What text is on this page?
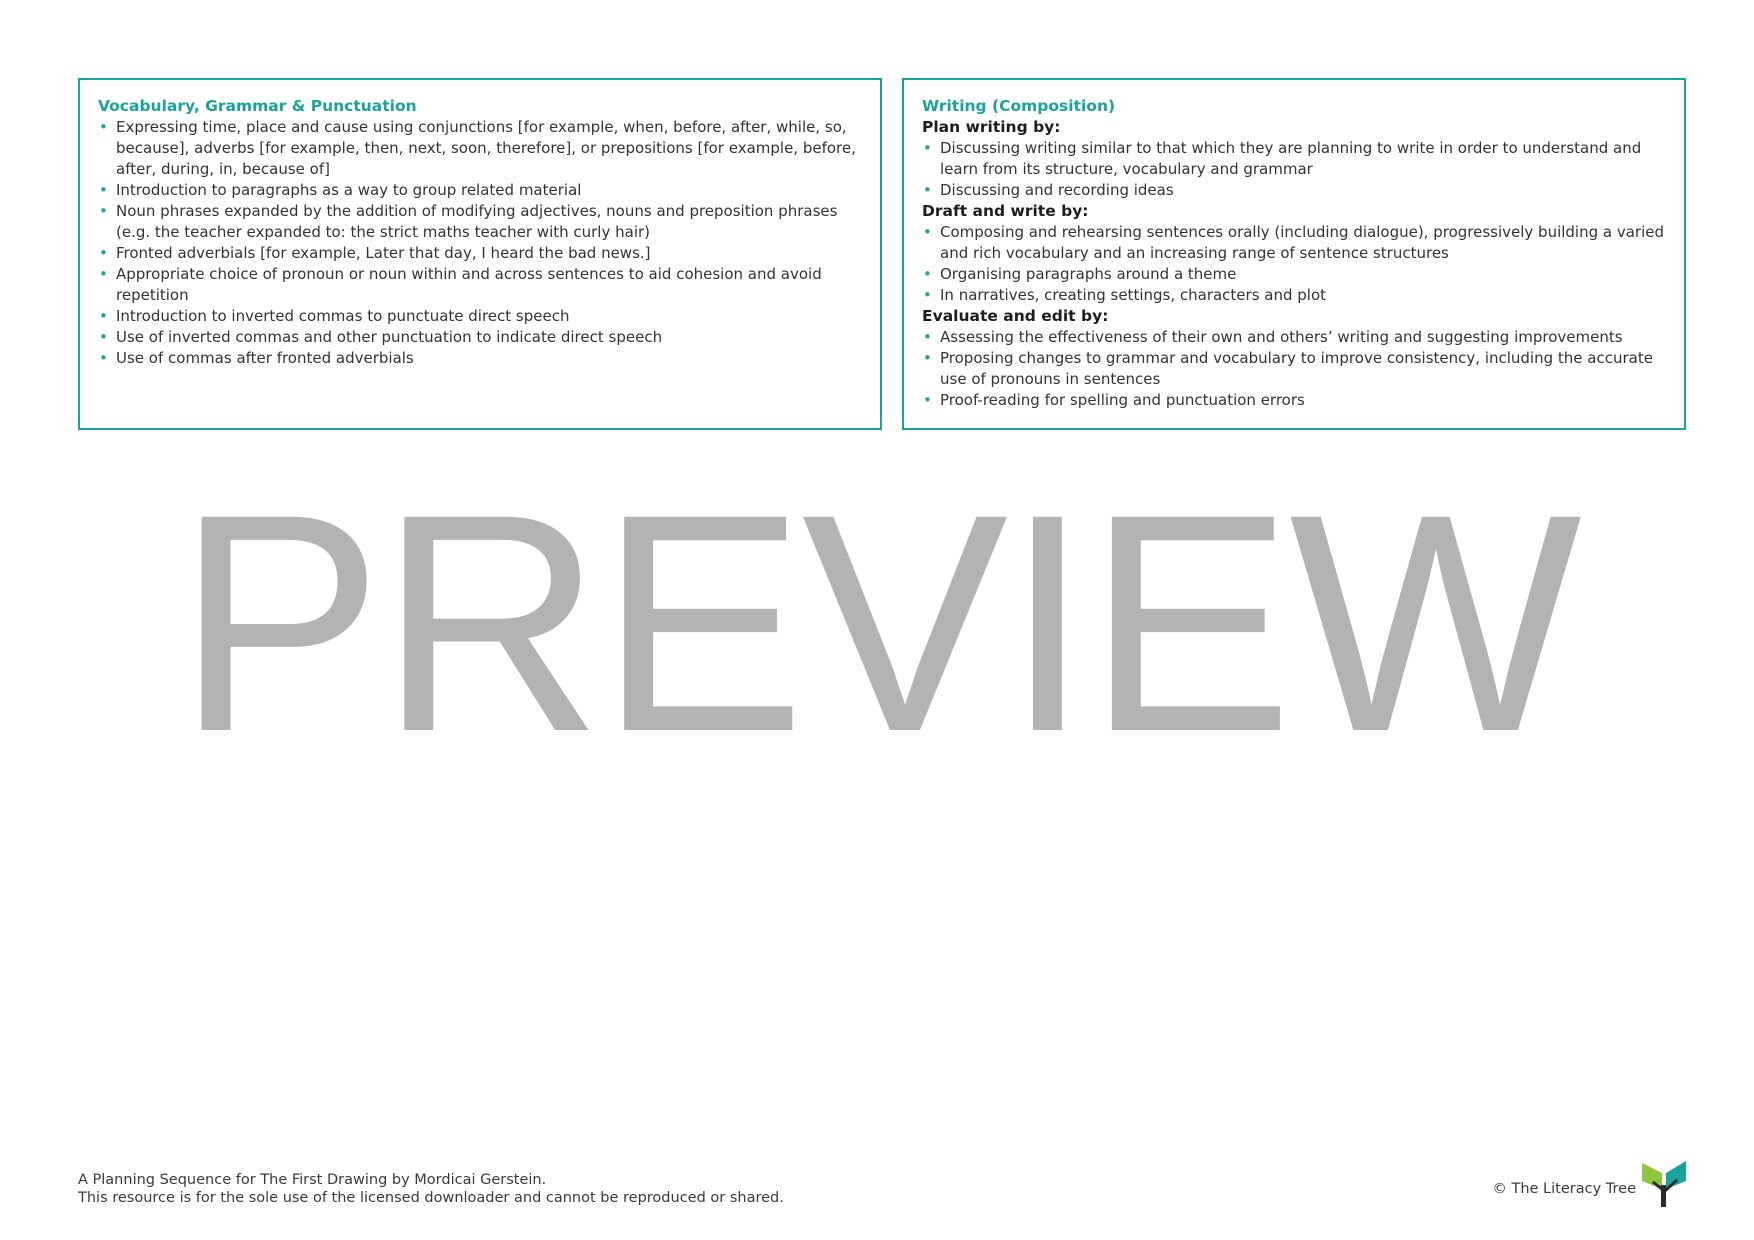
Vocabulary, Grammar & Punctuation
• Expressing time, place and cause using conjunctions [for example, when, before, after, while, so, because], adverbs [for example, then, next, soon, therefore], or prepositions [for example, before, after, during, in, because of]
• Introduction to paragraphs as a way to group related material
• Noun phrases expanded by the addition of modifying adjectives, nouns and preposition phrases (e.g. the teacher expanded to: the strict maths teacher with curly hair)
• Fronted adverbials [for example, Later that day, I heard the bad news.]
• Appropriate choice of pronoun or noun within and across sentences to aid cohesion and avoid repetition
• Introduction to inverted commas to punctuate direct speech
• Use of inverted commas and other punctuation to indicate direct speech
• Use of commas after fronted adverbials
Writing (Composition)
Plan writing by:
• Discussing writing similar to that which they are planning to write in order to understand and learn from its structure, vocabulary and grammar
• Discussing and recording ideas
Draft and write by:
• Composing and rehearsing sentences orally (including dialogue), progressively building a varied and rich vocabulary and an increasing range of sentence structures
• Organising paragraphs around a theme
• In narratives, creating settings, characters and plot
Evaluate and edit by:
• Assessing the effectiveness of their own and others’ writing and suggesting improvements
• Proposing changes to grammar and vocabulary to improve consistency, including the accurate use of pronouns in sentences
• Proof-reading for spelling and punctuation errors
PREVIEW
A Planning Sequence for The First Drawing by Mordicai Gerstein.
This resource is for the sole use of the licensed downloader and cannot be reproduced or shared.
© The Literacy Tree
